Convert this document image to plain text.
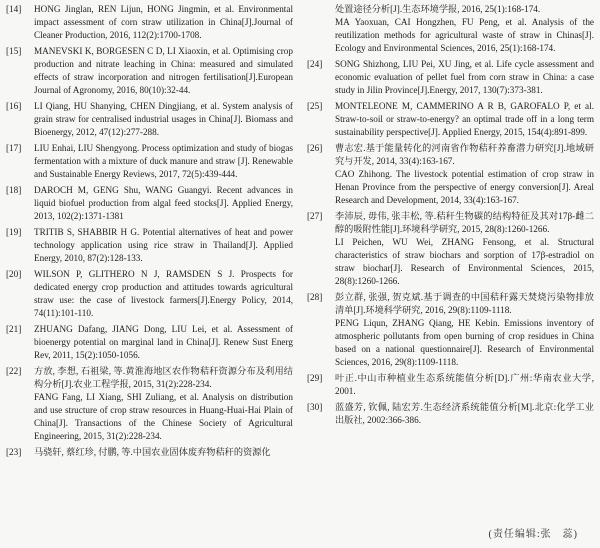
[14]	HONG Jinglan, REN Lijun, HONG Jingmin, et al. Environmental impact assessment of corn straw utilization in China[J].Journal of Cleaner Production, 2016, 112(2):1700-1708.

[15]	MANEVSKI K, BORGESEN C D, LI Xiaoxin, et al. Optimising crop production and nitrate leaching in China: measured and simulated effects of straw incorporation and nitrogen fertilisation[J].European Journal of Agronomy, 2016, 80(10):32-44.

[16]	LI Qiang, HU Shanying, CHEN Dingjiang, et al. System analysis of grain straw for centralised industrial usages in China[J]. Biomass and Bioenergy, 2012, 47(12):277-288.

[17]	LIU Enhai, LIU Shengyong. Process optimization and study of biogas fermentation with a mixture of duck manure and straw [J]. Renewable and Sustainable Energy Reviews, 2017, 72(5):439-444.

[18]	DAROCH M, GENG Shu, WANG Guangyi. Recent advances in liquid biofuel production from algal feed stocks[J]. Applied Energy, 2013, 102(2):1371-1381

[19]	TRITIB S, SHABBIR H G. Potential alternatives of heat and power technology application using rice straw in Thailand[J]. Applied Energy, 2010, 87(2):128-133.

[20]	WILSON P, GLITHERO N J, RAMSDEN S J. Prospects for dedicated energy crop production and attitudes towards agricultural straw use: the case of livestock farmers[J].Energy Policy, 2014, 74(11):101-110.

[21]	ZHUANG Dafang, JIANG Dong, LIU Lei, et al. Assessment of bioenergy potential on marginal land in China[J]. Renew Sust Energ Rev, 2011, 15(2):1050-1056.

[22]	方放, 李想, 石祖梁, 等.黄淮海地区农作物秸秆资源分布及利用结构分析[J].农业工程学报, 2015, 31(2):228-234.

FANG Fang, LI Xiang, SHI Zuliang, et al. Analysis on distribution and use structure of crop straw resources in Huang-Huai-Hai Plain of China[J]. Transactions of the Chinese Society of Agricultural Engineering, 2015, 31(2):228-234.

[23]	马骁轩, 蔡红珍, 付鹏, 等.中国农业固体废弃物秸秆的资源化

处置途径分析[J].生态环境学报, 2016, 25(1):168-174.

MA Yaoxuan, CAI Hongzhen, FU Peng, et al. Analysis of the reutilization methods for agricultural waste of straw in Chinas[J]. Ecology and Environmental Sciences, 2016, 25(1):168-174.

[24]	SONG Shizhong, LIU Pei, XU Jing, et al. Life cycle assessment and economic evaluation of pellet fuel from corn straw in China: a case study in Jilin Province[J].Energy, 2017, 130(7):373-381.

[25]	MONTELEONE M, CAMMERINO A R B, GAROFALO P, et al. Straw-to-soil or straw-to-energy? an optimal trade off in a long term sustainability perspective[J]. Applied Energy, 2015, 154(4):891-899.

[26]	曹志宏.基于能量转化的河南省作物秸秆养畜潜力研究[J].地域研究与开发, 2014, 33(4):163-167.

CAO Zhihong. The livestock potential estimation of crop straw in Henan Province from the perspective of energy conversion[J]. Areal Research and Development, 2014, 33(4):163-167.

[27]	李沛辰, 毋伟, 张丰松, 等.秸秆生物碳的结构特征及其对17β-雌二醇的吸附性能[J].环境科学研究, 2015, 28(8):1260-1266.

LI Peichen, WU Wei, ZHANG Fensong, et al. Structural characteristics of straw biochars and sorption of 17β-estradiol on straw biochar[J]. Research of Environmental Sciences, 2015, 28(8):1260-1266.

[28]	彭立群, 张强, 贺克斌.基于调查的中国秸秆露天焚烧污染物排放清单[J].环境科学研究, 2016, 29(8):1109-1118.

PENG Liqun, ZHANG Qiang, HE Kebin. Emissions inventory of atmospheric pollutants from open burning of crop residues in China based on a national questionnaire[J]. Research of Environmental Sciences, 2016, 29(8):1109-1118.

[29]	叶正.中山市种植业生态系统能值分析[D].广州:华南农业大学, 2001.

[30]	蓝盛芳, 钦佩, 陆宏芳.生态经济系统能值分析[M].北京:化学工业出版社, 2002:366-386.

(责任编辑:张　蕊)
